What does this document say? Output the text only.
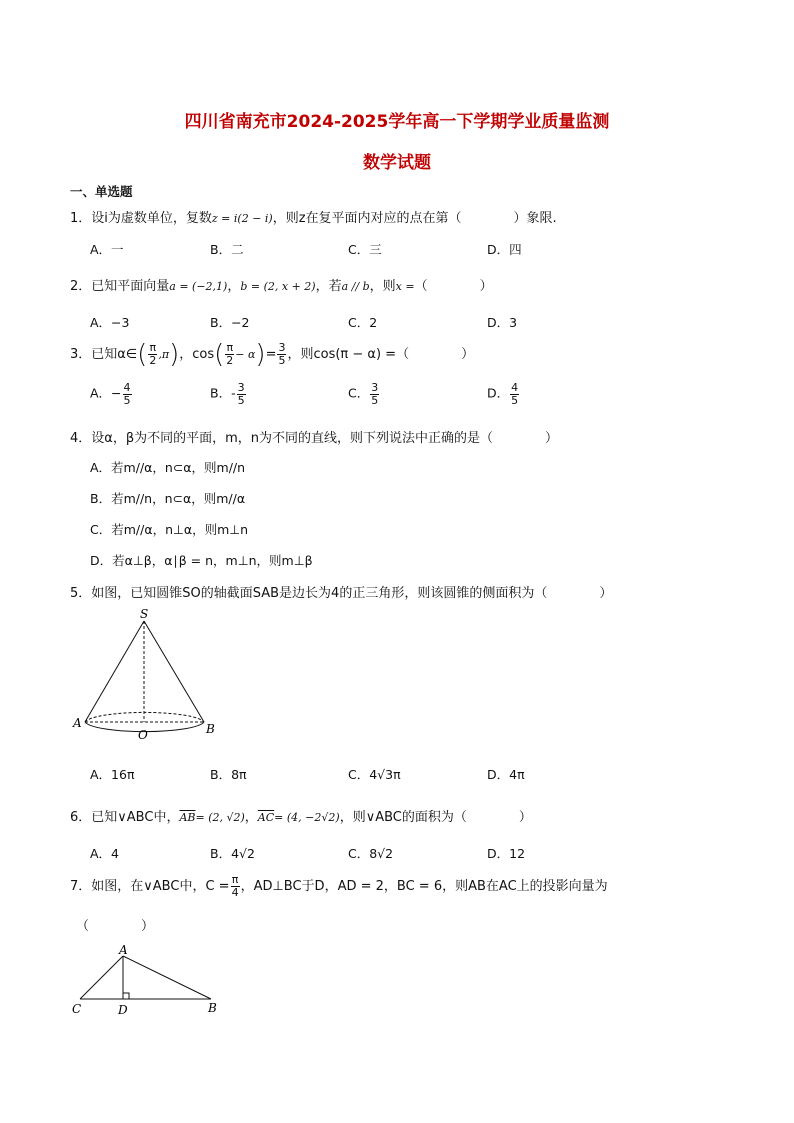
四川省南充市2024-2025学年高一下学期学业质量监测
数学试题
一、单选题
1．设i为虚数单位，复数z = i(2 − i)，则z在复平面内对应的点在第（　　　　）象限.
A．一	B．二	C．三	D．四
2．已知平面向量a = (−2,1)，b = (2, x + 2)，若a // b，则x =（　　　　）
A．−3	B．−2	C．2	D．3
3．已知α∈( $\frac{\pi}{2} ,\pi$)，$\cos( \frac{\pi}{2} - \alpha)= \frac{3}{5}$ ，则cos(π − α) =（　　　　）
A．− $\frac{4}{5}$	B．- $\frac{3}{5}$	C． $\frac{3}{5}$	D． $\frac{4}{5}$
4．设α，β为不同的平面，m，n为不同的直线，则下列说法中正确的是（　　　　）
A．若m//α，n⊂α，则m//n
B．若m//n，n⊂α，则m//α
C．若m//α，n⊥α，则m⊥n
D．若α⊥β，α∣β = n，m⊥n，则m⊥β
5．如图，已知圆锥SO的轴截面SAB是边长为4的正三角形，则该圆锥的侧面积为（　　　　）
S
A
O	B
A．16π	B．8π	C．4√3π	D．4π
6．已知∨ABC中，$\overline{AB}= (2$, √2)，$\overline{AC}= (4$, −2√2)，则∨ABC的面积为（　　　　）
A．4	B．4√2	C．8√2	D．12
7．如图，在∨ABC中，$C = \frac{\pi}{4}$ ，AD⊥BC于D，AD = 2，BC = 6，则AB在AC上的投影向量为
（　　　　）
A
C	D	B
